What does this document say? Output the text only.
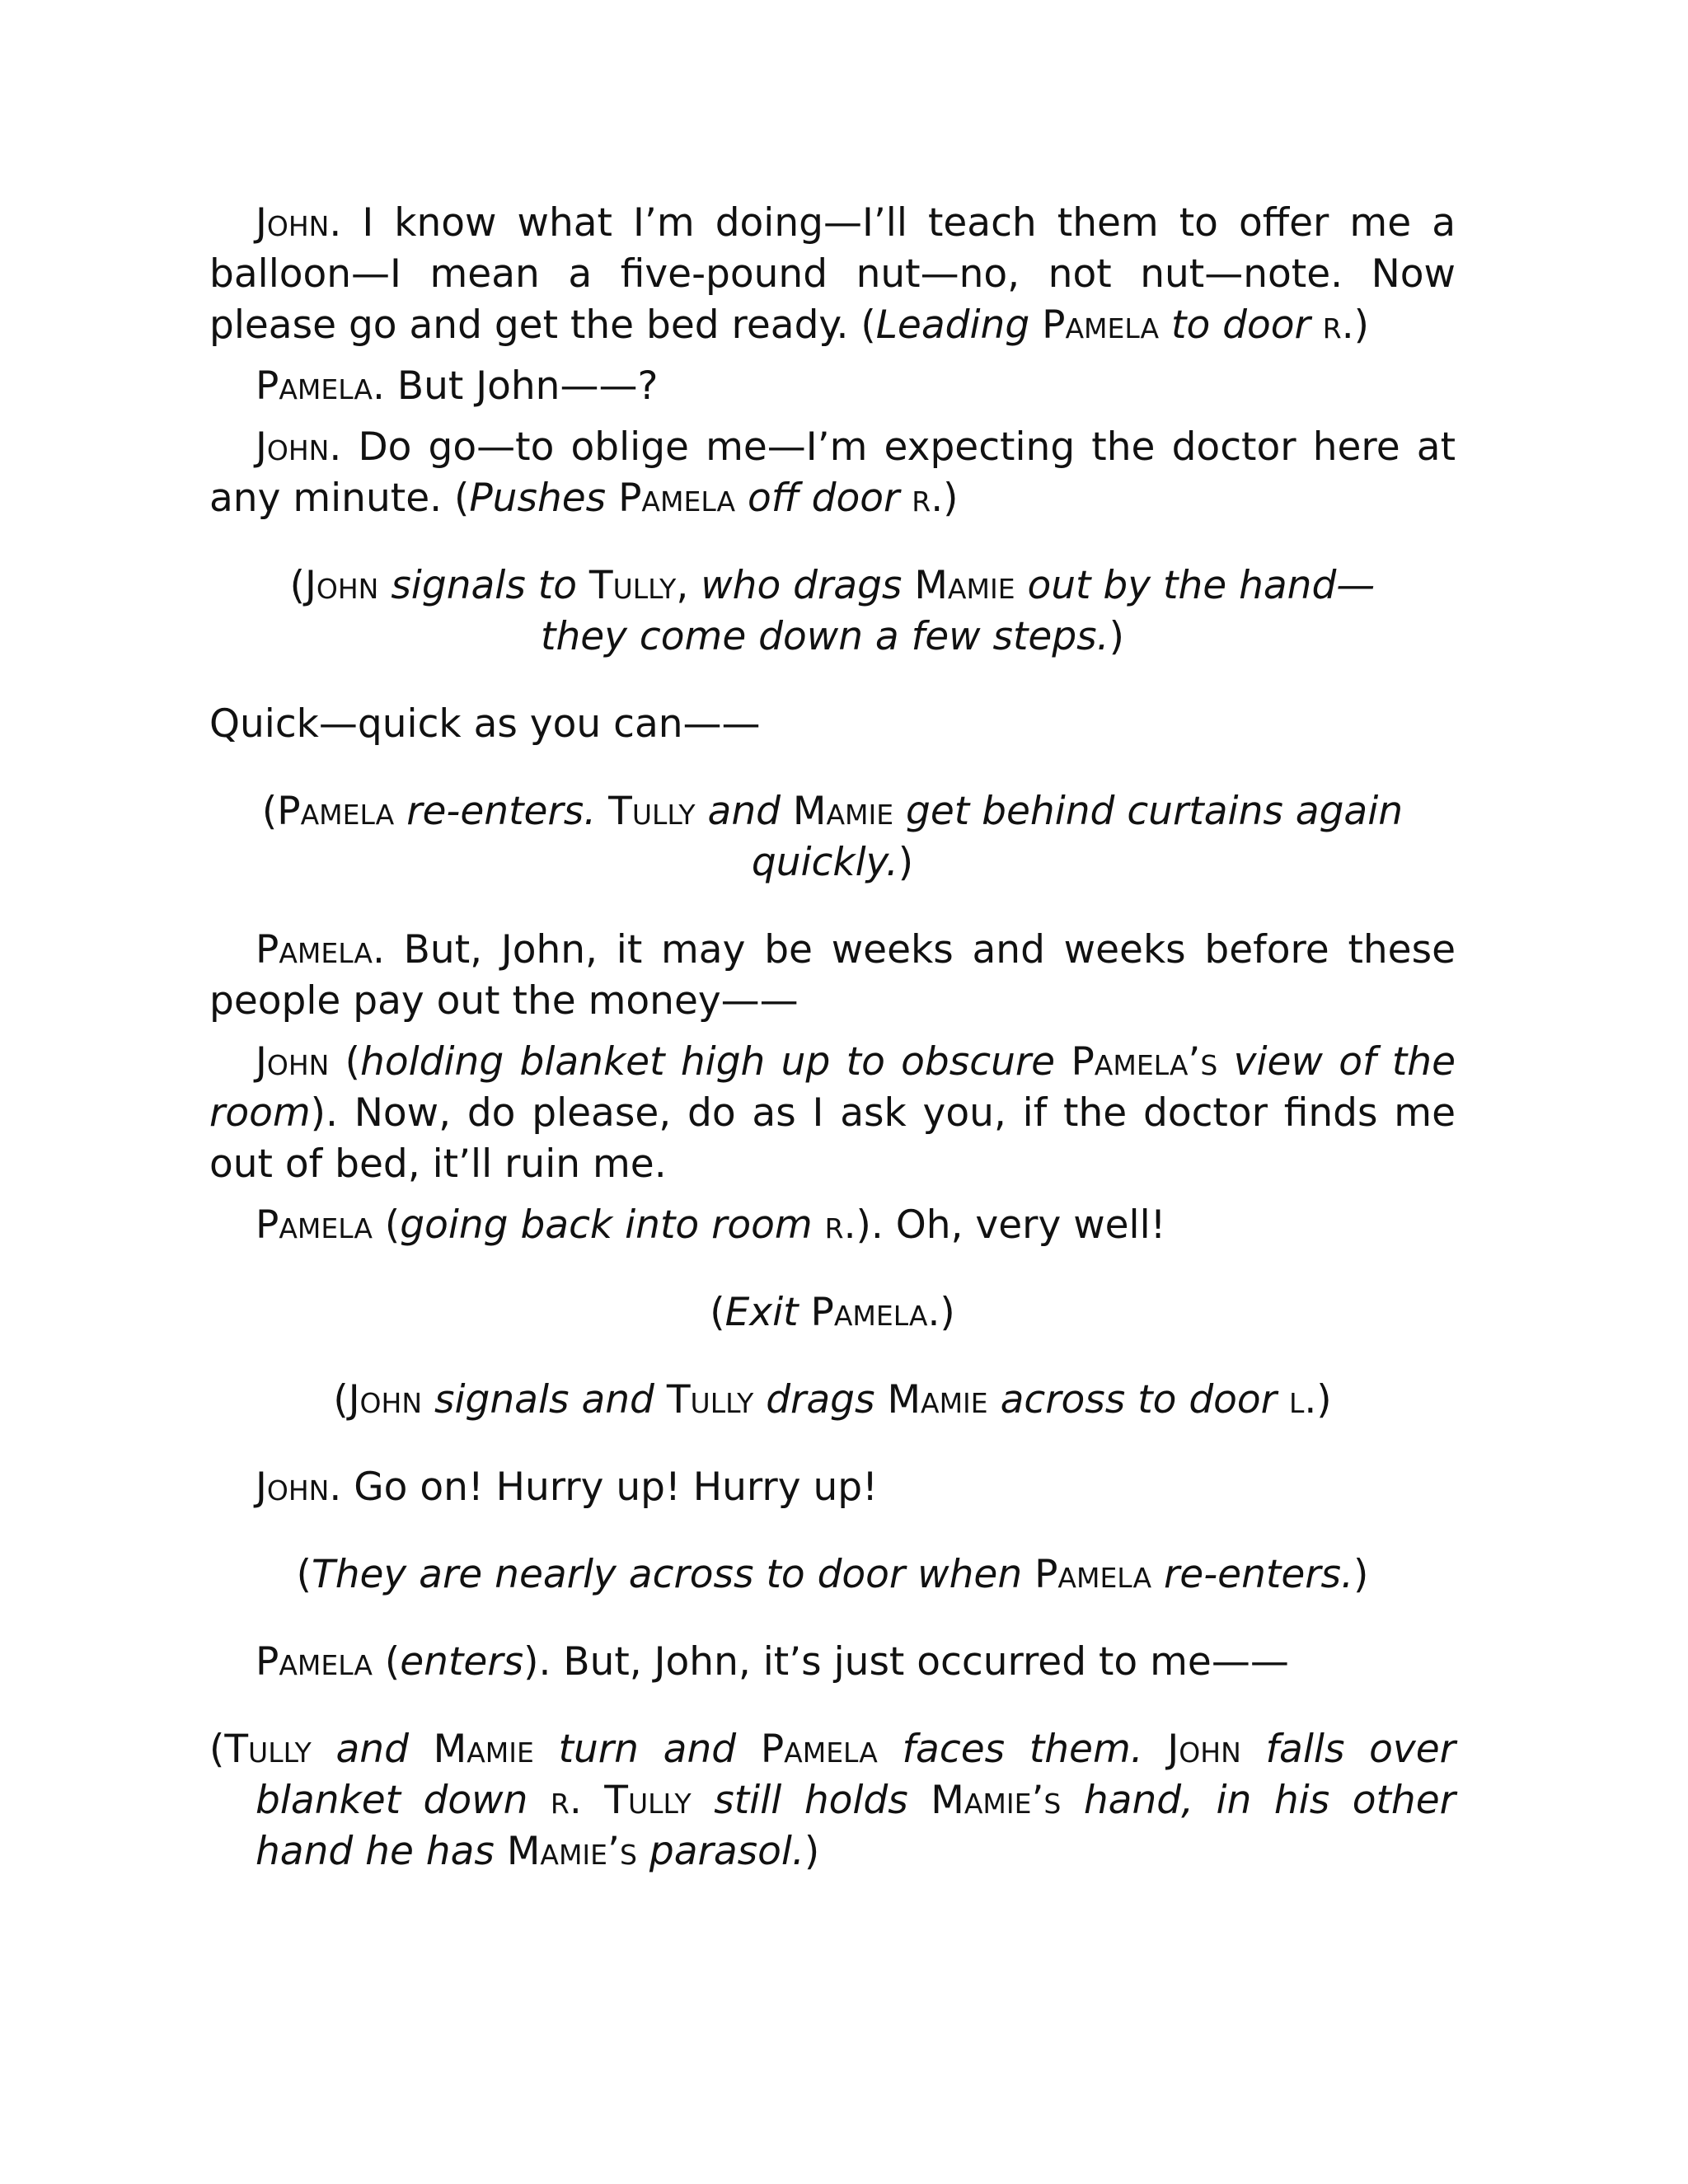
John. I know what I’m doing—I’ll teach them to offer me a balloon—I mean a five-pound nut—no, not nut—note. Now please go and get the bed ready. (Leading Pamela to door r.)

Pamela. But John——?

John. Do go—to oblige me—I’m expecting the doctor here at any minute. (Pushes Pamela off door r.)

(John signals to Tully, who drags Mamie out by the hand—they come down a few steps.)

Quick—quick as you can——

(Pamela re-enters. Tully and Mamie get behind curtains again quickly.)

Pamela. But, John, it may be weeks and weeks before these people pay out the money——

John (holding blanket high up to obscure Pamela’s view of the room). Now, do please, do as I ask you, if the doctor finds me out of bed, it’ll ruin me.

Pamela (going back into room r.). Oh, very well!

(Exit Pamela.)

(John signals and Tully drags Mamie across to door l.)

John. Go on! Hurry up! Hurry up!

(They are nearly across to door when Pamela re-enters.)

Pamela (enters). But, John, it’s just occurred to me——

(Tully and Mamie turn and Pamela faces them. John falls over blanket down r. Tully still holds Mamie’s hand, in his other hand he has Mamie’s parasol.)
